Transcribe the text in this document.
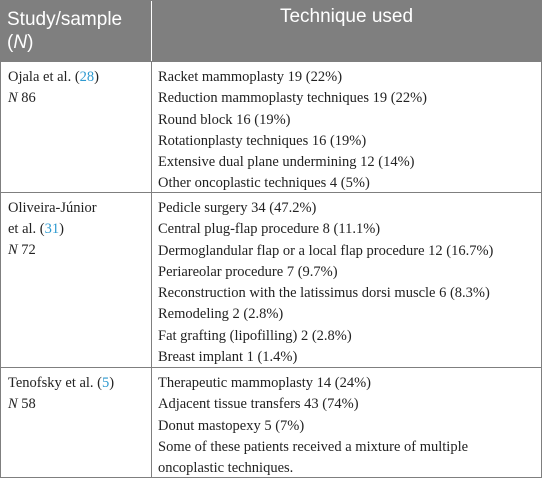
Study/sample
(N)
Technique used
Ojala et al. (28)
N 86
Racket mammoplasty 19 (22%)
Reduction mammoplasty techniques 19 (22%)
Round block 16 (19%)
Rotationplasty techniques 16 (19%)
Extensive dual plane undermining 12 (14%)
Other oncoplastic techniques 4 (5%)
Oliveira-Júnior
et al. (31)
N 72
Pedicle surgery 34 (47.2%)
Central plug-flap procedure 8 (11.1%)
Dermoglandular flap or a local flap procedure 12 (16.7%)
Periareolar procedure 7 (9.7%)
Reconstruction with the latissimus dorsi muscle 6 (8.3%)
Remodeling 2 (2.8%)
Fat grafting (lipofilling) 2 (2.8%)
Breast implant 1 (1.4%)
Tenofsky et al. (5)
N 58
Therapeutic mammoplasty 14 (24%)
Adjacent tissue transfers 43 (74%)
Donut mastopexy 5 (7%)
Some of these patients received a mixture of multiple oncoplastic techniques.
